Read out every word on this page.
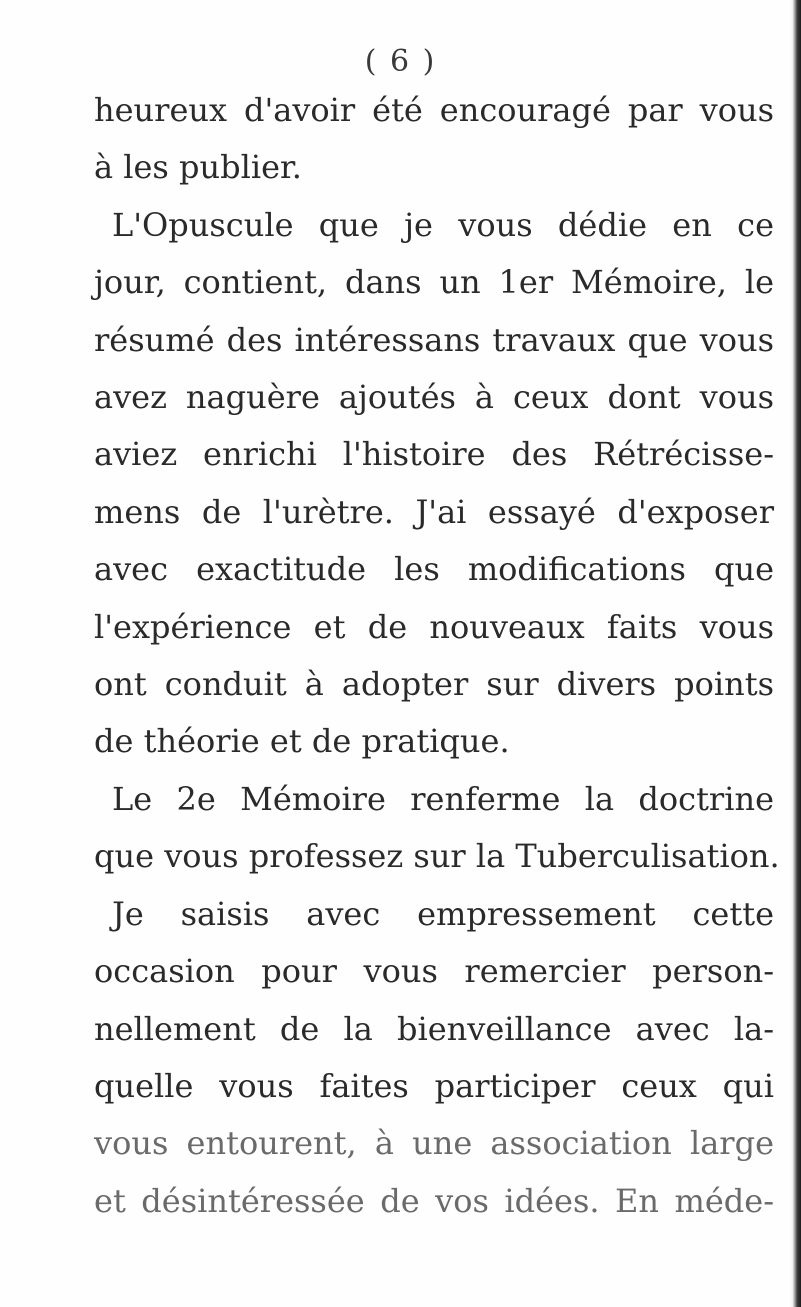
( 6 )
heureux d'avoir été encouragé par vous
à les publier.
L'Opuscule que je vous dédie en ce
jour, contient, dans un 1er Mémoire, le
résumé des intéressans travaux que vous
avez naguère ajoutés à ceux dont vous
aviez enrichi l'histoire des Rétrécisse-
mens de l'urètre. J'ai essayé d'exposer
avec exactitude les modifications que
l'expérience et de nouveaux faits vous
ont conduit à adopter sur divers points
de théorie et de pratique.
Le 2e Mémoire renferme la doctrine
que vous professez sur la Tuberculisation.
Je saisis avec empressement cette
occasion pour vous remercier person-
nellement de la bienveillance avec la-
quelle vous faites participer ceux qui
vous entourent, à une association large
et désintéressée de vos idées. En méde-
